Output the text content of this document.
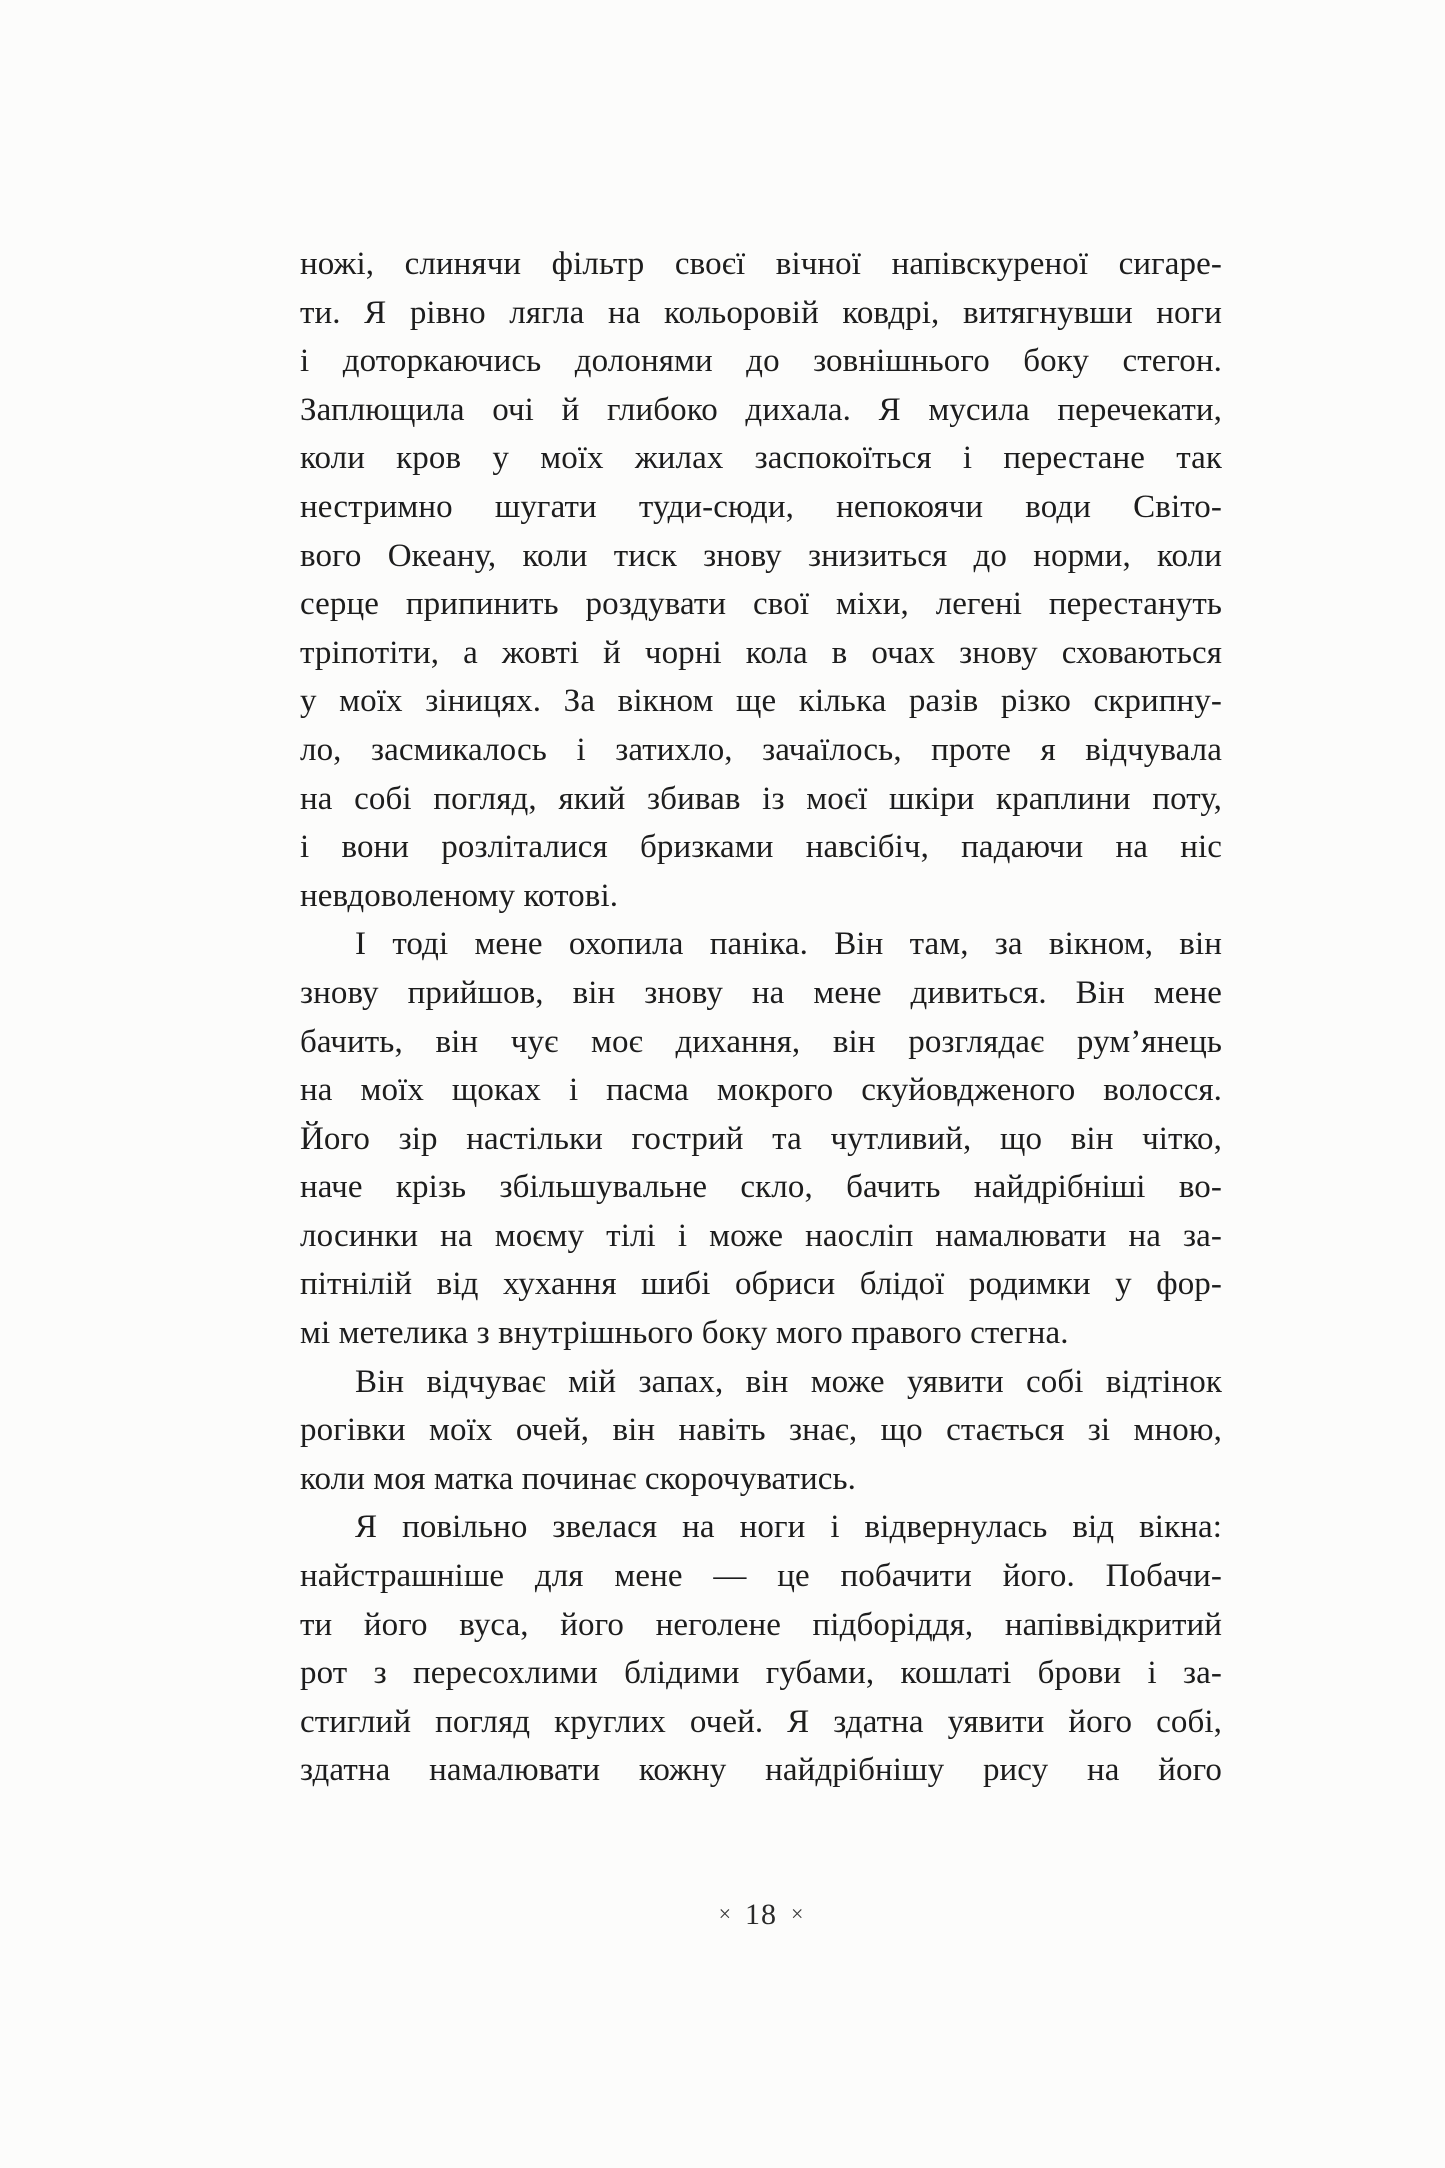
ножі, слинячи фільтр своєї вічної напівскуреної сигаре-
ти. Я рівно лягла на кольоровій ковдрі, витягнувши ноги
і доторкаючись долонями до зовнішнього боку стегон.
Заплющила очі й глибоко дихала. Я мусила перечекати,
коли кров у моїх жилах заспокоїться і перестане так
нестримно шугати туди-сюди, непокоячи води Світо-
вого Океану, коли тиск знову знизиться до норми, коли
серце припинить роздувати свої міхи, легені перестануть
тріпотіти, а жовті й чорні кола в очах знову сховаються
у моїх зіницях. За вікном ще кілька разів різко скрипну-
ло, засмикалось і затихло, зачаїлось, проте я відчувала
на собі погляд, який збивав із моєї шкіри краплини поту,
і вони розліталися бризками навсібіч, падаючи на ніс
невдоволеному котові.
І тоді мене охопила паніка. Він там, за вікном, він
знову прийшов, він знову на мене дивиться. Він мене
бачить, він чує моє дихання, він розглядає рум’янець
на моїх щоках і пасма мокрого скуйовдженого волосся.
Його зір настільки гострий та чутливий, що він чітко,
наче крізь збільшувальне скло, бачить найдрібніші во-
лосинки на моєму тілі і може наосліп намалювати на за-
пітнілій від хухання шибі обриси блідої родимки у фор-
мі метелика з внутрішнього боку мого правого стегна.
Він відчуває мій запах, він може уявити собі відтінок
рогівки моїх очей, він навіть знає, що стається зі мною,
коли моя матка починає скорочуватись.
Я повільно звелася на ноги і відвернулась від вікна:
найстрашніше для мене — це побачити його. Побачи-
ти його вуса, його неголене підборіддя, напіввідкритий
рот з пересохлими блідими губами, кошлаті брови і за-
стиглий погляд круглих очей. Я здатна уявити його собі,
здатна намалювати кожну найдрібнішу рису на його
× 18 ×
